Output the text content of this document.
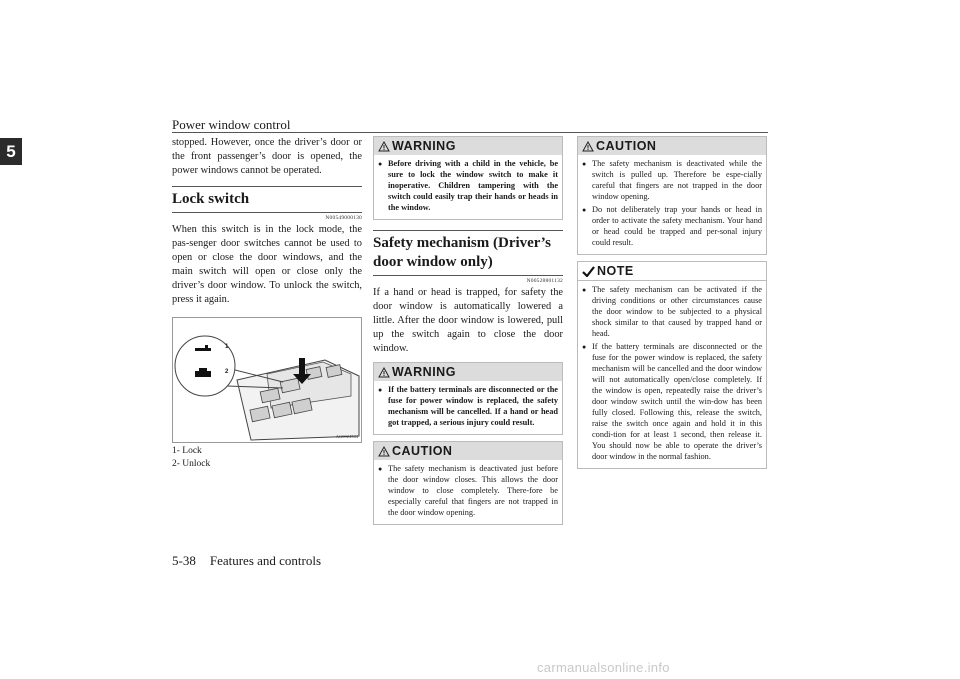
Power window control
5	stopped. However, once the driver’s door or the front passenger’s door is opened, the power windows cannot be operated.

Lock switch
N00549000130

When this switch is in the lock mode, the pas-senger door switches cannot be used to open or close the door windows, and the main switch will open or close only the driver’s door window. To unlock the switch, press it again.

1
2
AG0024344
1- Lock
2- Unlock
WARNING
● Before driving with a child in the vehicle, be sure to lock the window switch to make it inoperative. Children tampering with the switch could easily trap their hands or heads in the window.
Safety mechanism (Driver’s door window only)
N00528801132

If a hand or head is trapped, for safety the door window is automatically lowered a little. After the door window is lowered, pull up the switch again to close the door window.

WARNING
● If the battery terminals are disconnected or the fuse for power window is replaced, the safety mechanism will be cancelled. If a hand or head got trapped, a serious injury could result.
CAUTION
● The safety mechanism is deactivated just before the door window closes. This allows the door window to close completely. There-fore be especially careful that fingers are not trapped in the door window opening.
CAUTION
● The safety mechanism is deactivated while the switch is pulled up. Therefore be espe-cially careful that fingers are not trapped in the door window opening.
● Do not deliberately trap your hands or head in order to activate the safety mechanism. Your hand or head could be trapped and per-sonal injury could result.
NOTE
● The safety mechanism can be activated if the driving conditions or other circumstances cause the door window to be subjected to a physical shock similar to that caused by trapped hand or head.
● If the battery terminals are disconnected or the fuse for the power window is replaced, the safety mechanism will be cancelled and the door window will not automatically open/close completely. If the window is open, repeatedly raise the driver’s door window switch until the win-dow has been fully closed. Following this, release the switch, raise the switch once again and hold it in this condi-tion for at least 1 second, then release it. You should now be able to operate the driver’s door window in the normal fashion.
5-38 Features and controls
carmanualsonline.info
